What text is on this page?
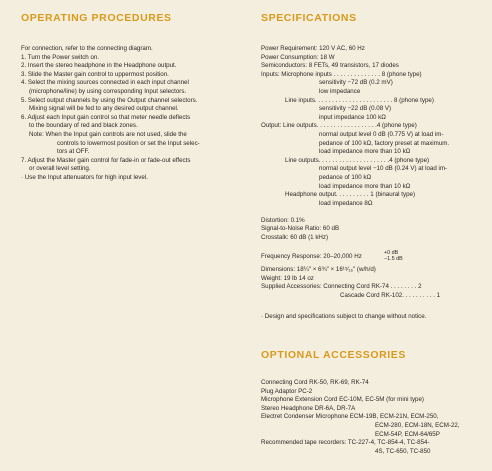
OPERATING PROCEDURES
For connection, refer to the connecting diagram.
1. Turn the Power switch on.
2. Insert the stereo headphone in the Headphone output.
3. Slide the Master gain control to uppermost position.
4. Select the mixing sources connected in each input channel
(microphone/line) by using corresponding Input selectors.
5. Select output channels by using the Output channel selectors.
Mixing signal will be fed to any desired output channel.
6. Adjust each Input gain control so that meter needle deflects
to the boundary of red and black zones.
Note: When the Input gain controls are not used, slide the
controls to lowermost position or set the Input selec-
tors at OFF.
7. Adjust the Master gain control for fade-in or fade-out effects
or overall level setting.
· Use the Input attenuators for high input level.
SPECIFICATIONS
Power Requirement: 120 V AC, 60 Hz
Power Consumption: 18 W
Semiconductors: 8 FETs, 49 transistors, 17 diodes
Inputs: Microphone inputs . . . . . . . . . . . . . . 8 (phone type)
sensitivity −72 dB (0.2 mV)
low impedance
Line inputs. . . . . . . . . . . . . . . . . . . . . . . 8 (phone type)
sensitivity −22 dB (0.08 V)
input impedance 100 kΩ
Output: Line outputs. . . . . . . . . . . . . . . . . .4 (phone type)
normal output level 0 dB (0.775 V) at load im-
pedance of 100 kΩ, factory preset at maximum.
load impedance more than 10 kΩ
Line outputs. . . . . . . . . . . . . . . . . . . . .4 (phone type)
normal output level −10 dB (0.24 V) at load im-
pedance of 100 kΩ
load impedance more than 10 kΩ
Headphone output. . . . . . . . . . 1 (binaural type)
load impedance 8Ω
Distortion: 0.1%
Signal-to-Noise Ratio: 60 dB
Crosstalk: 60 dB (1 kHz)
Frequency Response: 20–20,000 Hz	+0 dB
−1.5 dB
Dimensions: 18¼″ × 6¾″ × 16¹⁵⁄₁₆″ (w/h/d)
Weight: 19 lb 14 oz
Supplied Accessories: Connecting Cord RK-74 . . . . . . . . 2
Cascade Cord RK-102. . . . . . . . . . 1
· Design and specifications subject to change without notice.
OPTIONAL ACCESSORIES
Connecting Cord RK-50, RK-69, RK-74
Plug Adaptor PC-2
Microphone Extension Cord EC-10M, EC-5M (for mini type)
Stereo Headphone DR-6A, DR-7A
Electret Condenser Microphone ECM-19B, ECM-21N, ECM-250,
ECM-280, ECM-18N, ECM-22,
ECM-54P, ECM-64/65P
Recommended tape recorders: TC-227-4, TC-854-4, TC-854-
4S, TC-650, TC-850
